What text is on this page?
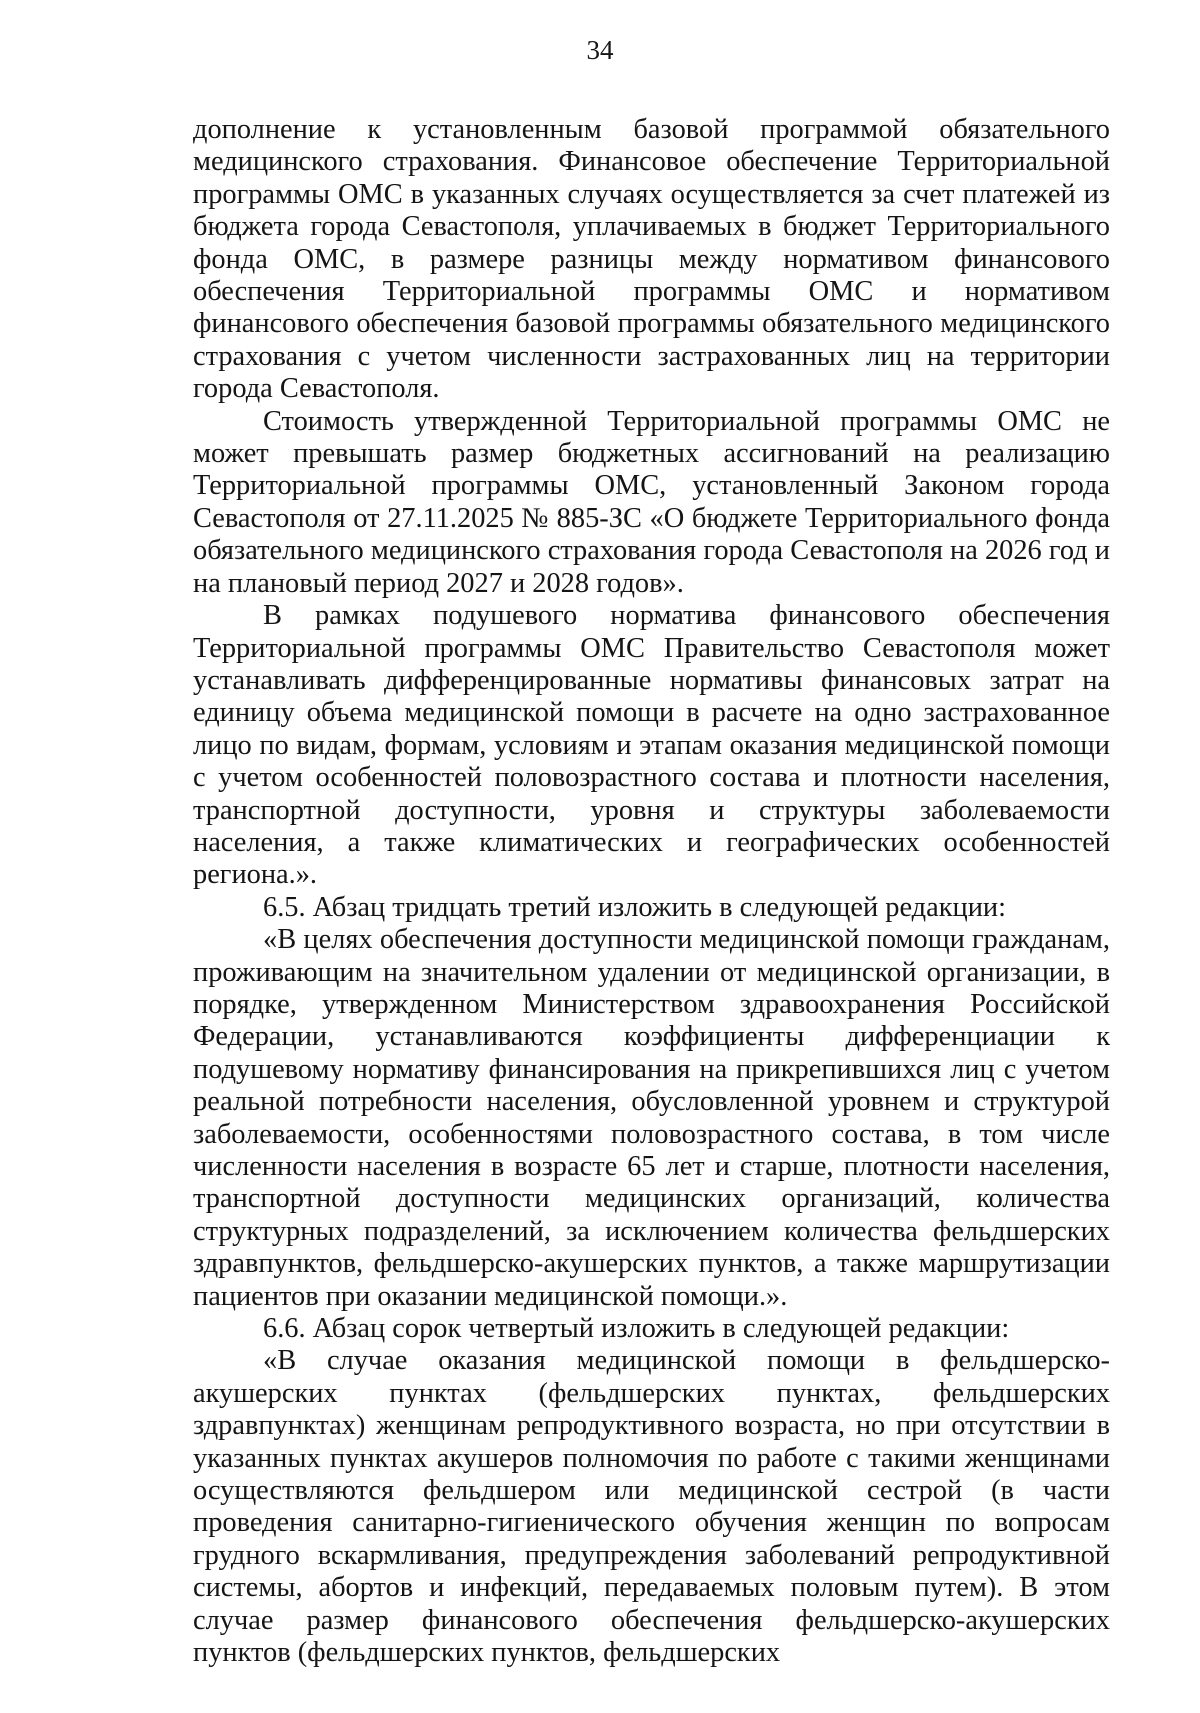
34

дополнение к установленным базовой программой обязательного медицинского страхования. Финансовое обеспечение Территориальной программы ОМС в указанных случаях осуществляется за счет платежей из бюджета города Севастополя, уплачиваемых в бюджет Территориального фонда ОМС, в размере разницы между нормативом финансового обеспечения Территориальной программы ОМС и нормативом финансового обеспечения базовой программы обязательного медицинского страхования с учетом численности застрахованных лиц на территории города Севастополя.

Стоимость утвержденной Территориальной программы ОМС не может превышать размер бюджетных ассигнований на реализацию Территориальной программы ОМС, установленный Законом города Севастополя от 27.11.2025 № 885-ЗС «О бюджете Территориального фонда обязательного медицинского страхования города Севастополя на 2026 год и на плановый период 2027 и 2028 годов».

В рамках подушевого норматива финансового обеспечения Территориальной программы ОМС Правительство Севастополя может устанавливать дифференцированные нормативы финансовых затрат на единицу объема медицинской помощи в расчете на одно застрахованное лицо по видам, формам, условиям и этапам оказания медицинской помощи с учетом особенностей половозрастного состава и плотности населения, транспортной доступности, уровня и структуры заболеваемости населения, а также климатических и географических особенностей региона.».

6.5. Абзац тридцать третий изложить в следующей редакции:

«В целях обеспечения доступности медицинской помощи гражданам, проживающим на значительном удалении от медицинской организации, в порядке, утвержденном Министерством здравоохранения Российской Федерации, устанавливаются коэффициенты дифференциации к подушевому нормативу финансирования на прикрепившихся лиц с учетом реальной потребности населения, обусловленной уровнем и структурой заболеваемости, особенностями половозрастного состава, в том числе численности населения в возрасте 65 лет и старше, плотности населения, транспортной доступности медицинских организаций, количества структурных подразделений, за исключением количества фельдшерских здравпунктов, фельдшерско-акушерских пунктов, а также маршрутизации пациентов при оказании медицинской помощи.».

6.6. Абзац сорок четвертый изложить в следующей редакции:

«В случае оказания медицинской помощи в фельдшерско-акушерских пунктах (фельдшерских пунктах, фельдшерских здравпунктах) женщинам репродуктивного возраста, но при отсутствии в указанных пунктах акушеров полномочия по работе с такими женщинами осуществляются фельдшером или медицинской сестрой (в части проведения санитарно-гигиенического обучения женщин по вопросам грудного вскармливания, предупреждения заболеваний репродуктивной системы, абортов и инфекций, передаваемых половым путем). В этом случае размер финансового обеспечения фельдшерско-акушерских пунктов (фельдшерских пунктов, фельдшерских
